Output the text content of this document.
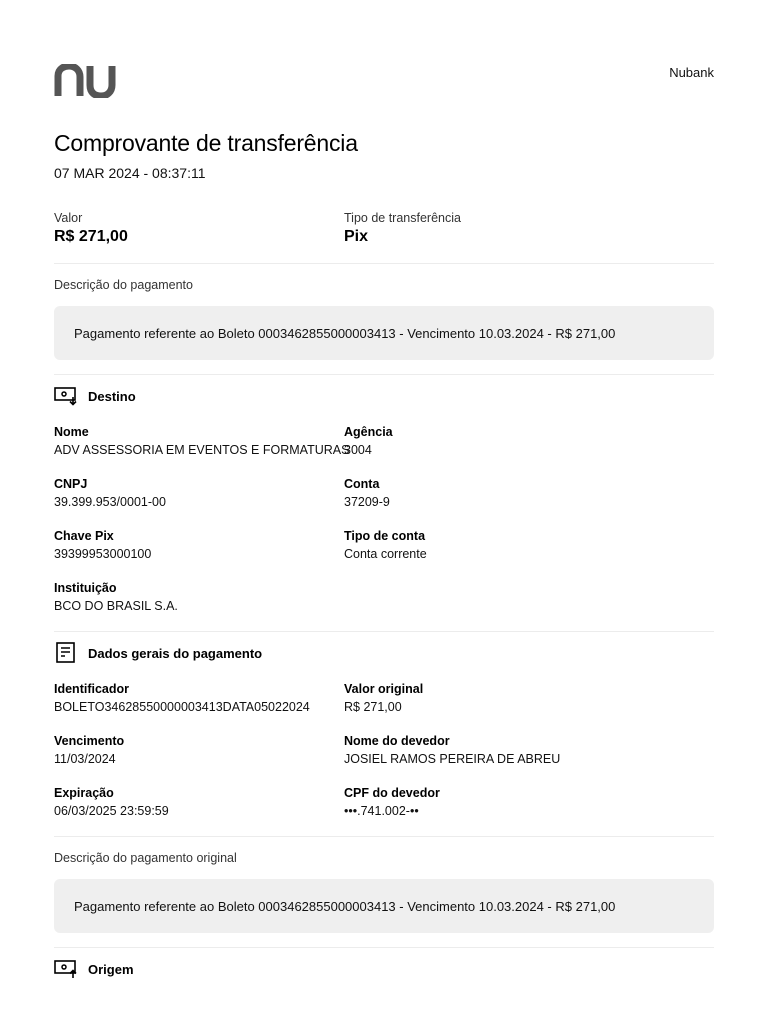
Nubank
Comprovante de transferência
07 MAR 2024 - 08:37:11
Valor
R$ 271,00
Tipo de transferência
Pix
Descrição do pagamento
Pagamento referente ao Boleto 0003462855000003413 - Vencimento 10.03.2024 - R$ 271,00
Destino
Nome
ADV ASSESSORIA EM EVENTOS E FORMATURAS
Agência
3004
CNPJ
39.399.953/0001-00
Conta
37209-9
Chave Pix
39399953000100
Tipo de conta
Conta corrente
Instituição
BCO DO BRASIL S.A.
Dados gerais do pagamento
Identificador
BOLETO34628550000003413DATA05022024
Valor original
R$ 271,00
Vencimento
11/03/2024
Nome do devedor
JOSIEL RAMOS PEREIRA DE ABREU
Expiração
06/03/2025 23:59:59
CPF do devedor
•••.741.002-••
Descrição do pagamento original
Pagamento referente ao Boleto 0003462855000003413 - Vencimento 10.03.2024 - R$ 271,00
Origem
